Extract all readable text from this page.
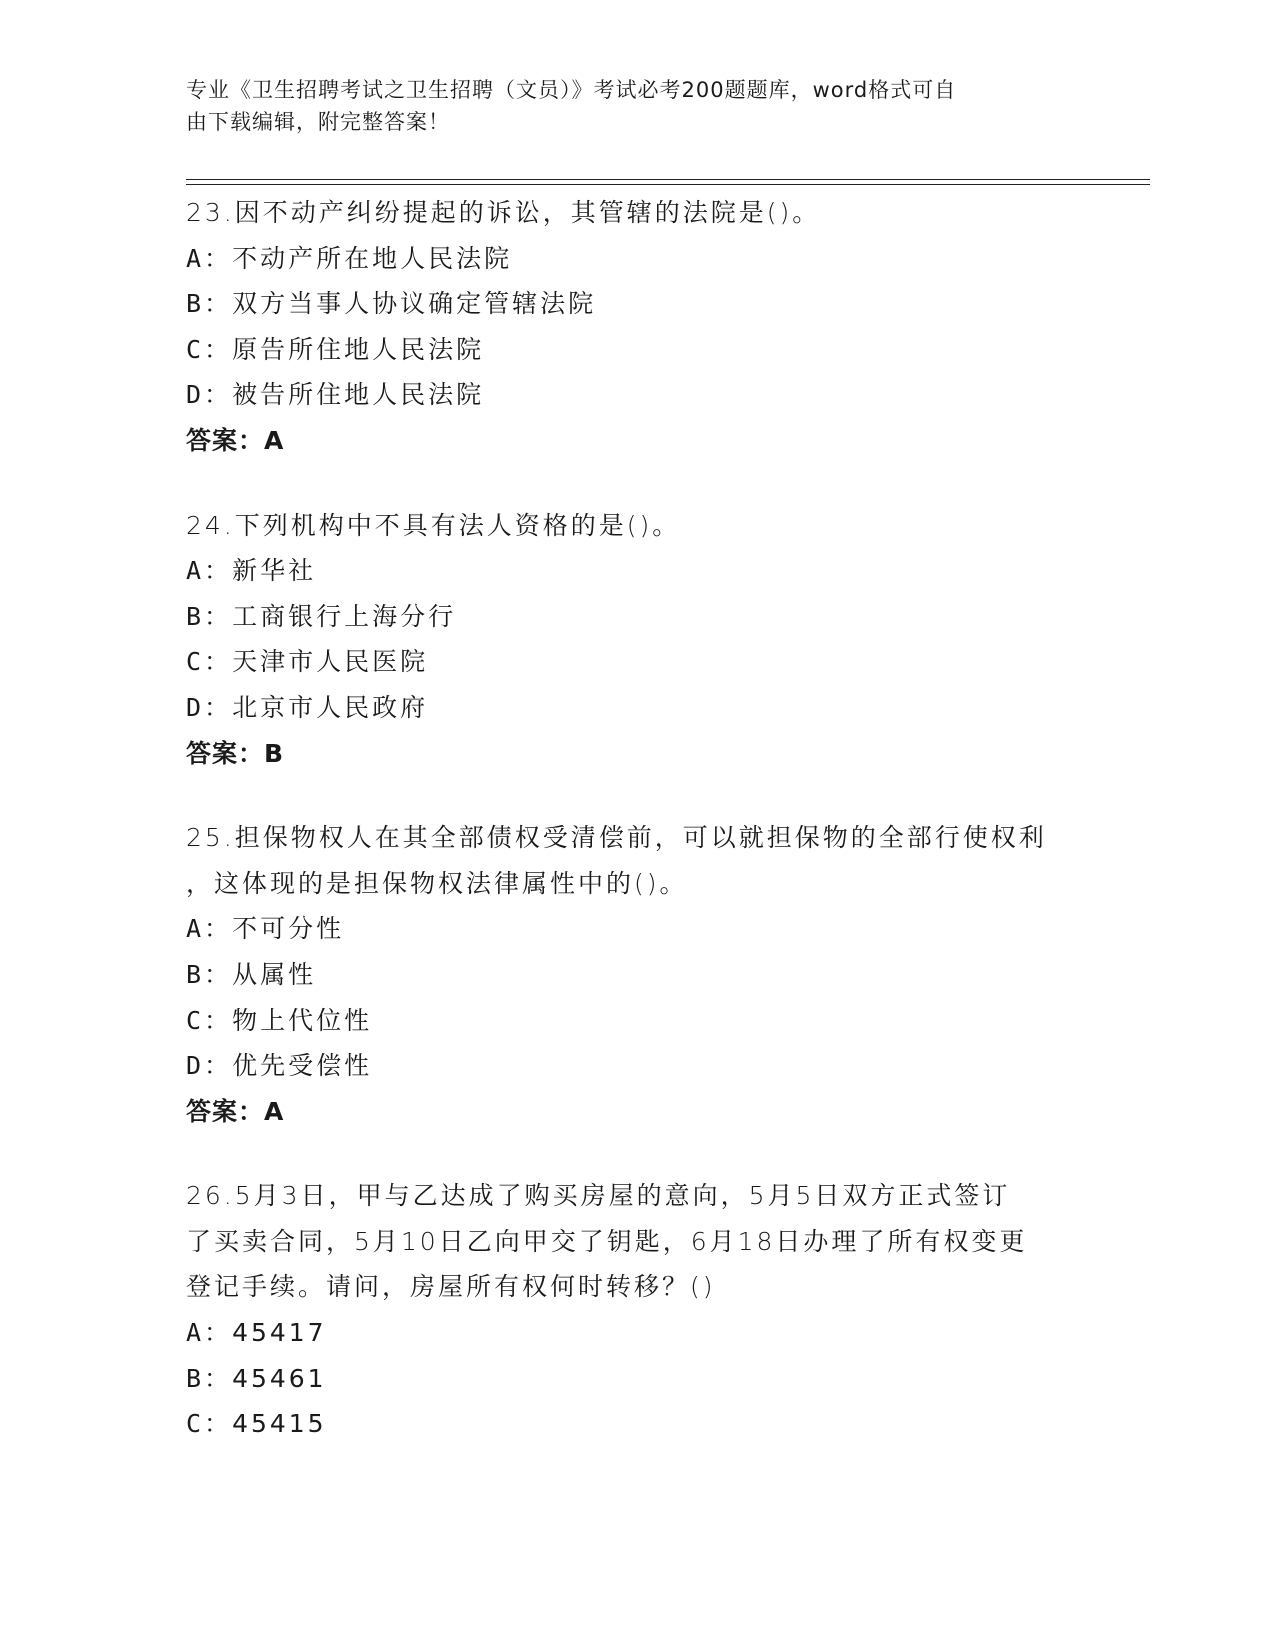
专业《卫生招聘考试之卫生招聘（文员）》考试必考200题题库，word格式可自
由下载编辑，附完整答案！
23.因不动产纠纷提起的诉讼，其管辖的法院是()。
A：不动产所在地人民法院
B：双方当事人协议确定管辖法院
C：原告所住地人民法院
D：被告所住地人民法院
答案：A
24.下列机构中不具有法人资格的是()。
A：新华社
B：工商银行上海分行
C：天津市人民医院
D：北京市人民政府
答案：B
25.担保物权人在其全部债权受清偿前，可以就担保物的全部行使权利
，这体现的是担保物权法律属性中的()。
A：不可分性
B：从属性
C：物上代位性
D：优先受偿性
答案：A
26.5月3日，甲与乙达成了购买房屋的意向，5月5日双方正式签订
了买卖合同，5月10日乙向甲交了钥匙，6月18日办理了所有权变更
登记手续。请问，房屋所有权何时转移？()
A：45417
B：45461
C：45415
